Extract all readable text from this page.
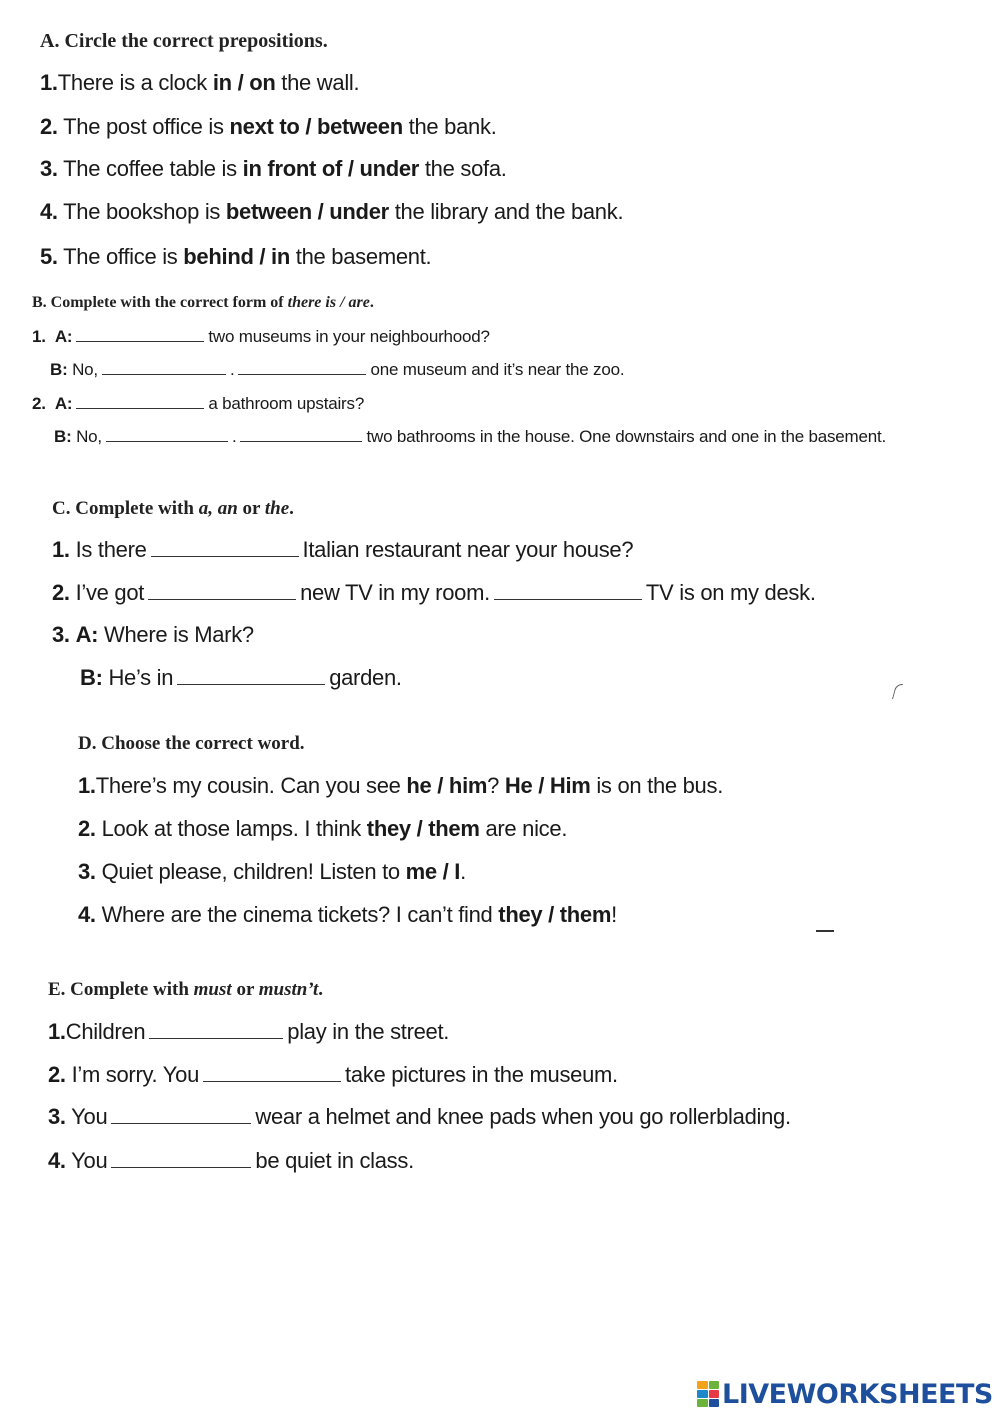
A. Circle the correct prepositions.
1.There is a clock in / on the wall.
2. The post office is next to / between the bank.
3. The coffee table is in front of / under the sofa.
4. The bookshop is between / under the library and the bank.
5. The office is behind / in the basement.
B. Complete with the correct form of there is / are.
1. A:	two museums in your neighbourhood?
B: No,	.	one museum and it’s near the zoo.
2. A:	a bathroom upstairs?
B: No,	.	two bathrooms in the house. One downstairs and one in the basement.
C. Complete with a, an or the.
1. Is there	Italian restaurant near your house?
2. I’ve got	new TV in my room.	TV is on my desk.
3. A: Where is Mark?
B: He’s in	garden.
D. Choose the correct word.
1.There’s my cousin. Can you see he / him? He / Him is on the bus.
2. Look at those lamps. I think they / them are nice.
3. Quiet please, children! Listen to me / I.
4. Where are the cinema tickets? I can’t find they / them!
E. Complete with must or mustn’t.
1.Children	play in the street.
2. I’m sorry. You	take pictures in the museum.
3. You	wear a helmet and knee pads when you go rollerblading.
4. You	be quiet in class.
LIVEWORKSHEETS
